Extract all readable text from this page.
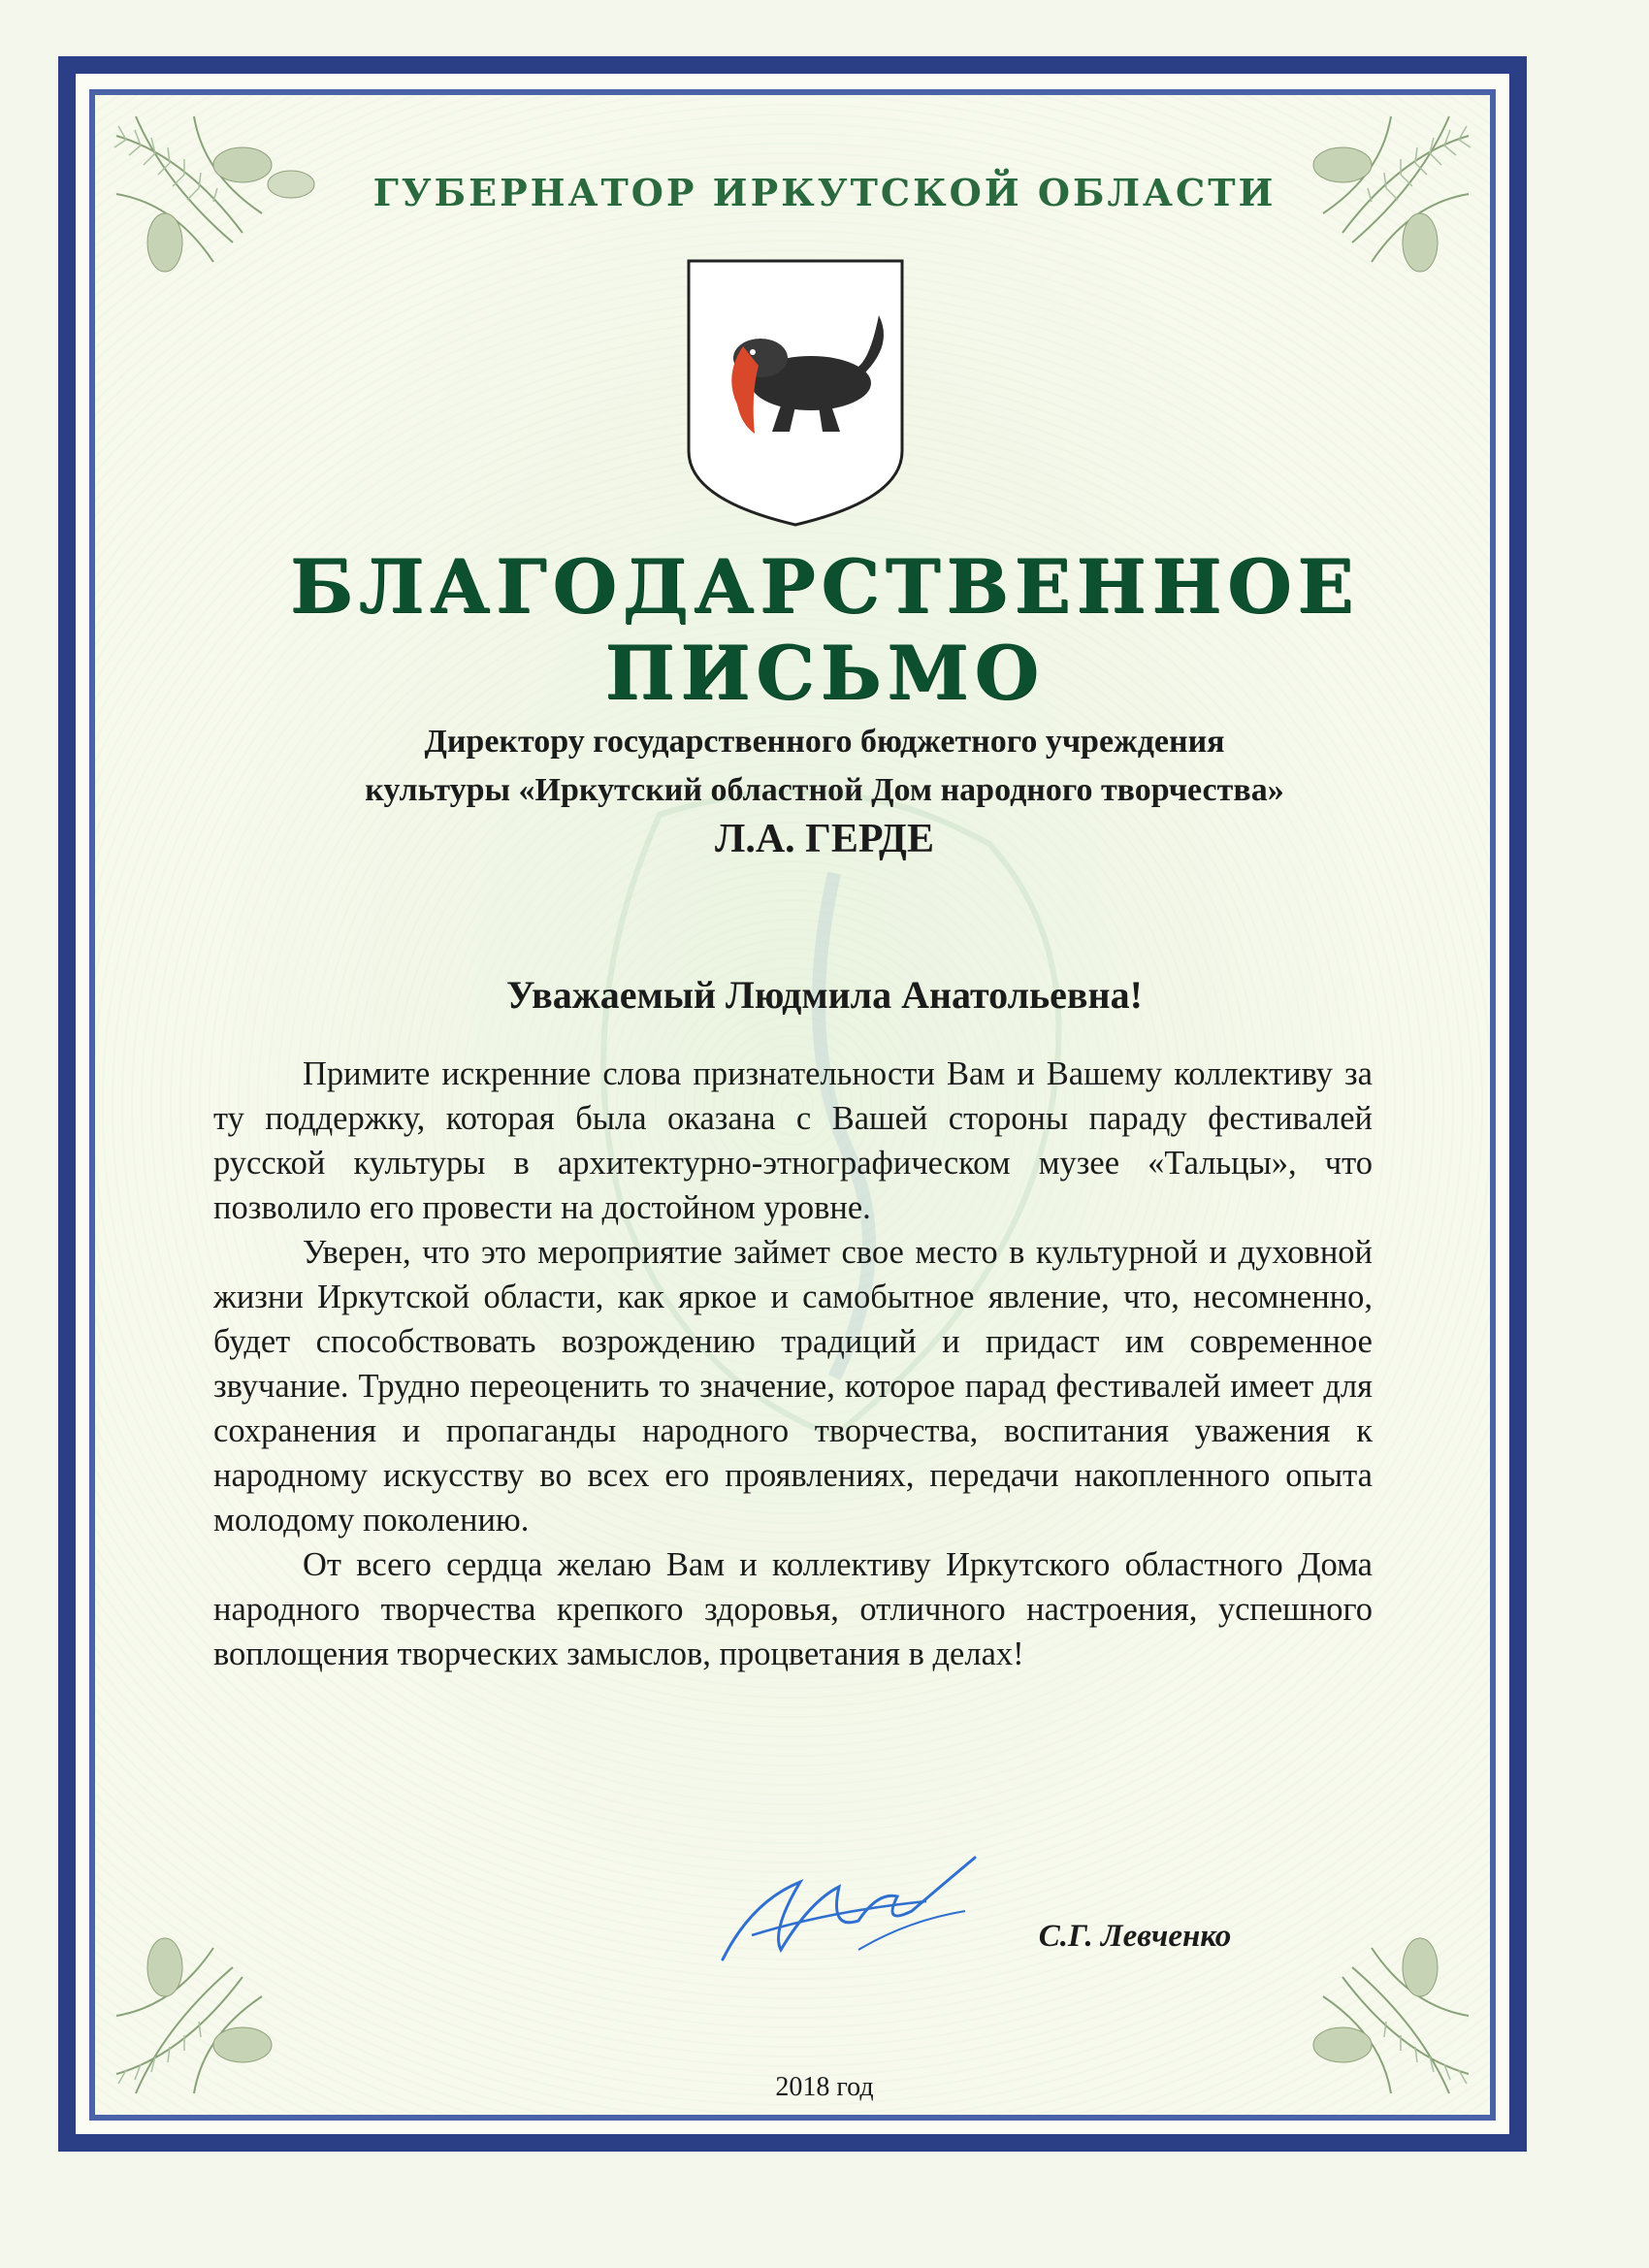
ГУБЕРНАТОР ИРКУТСКОЙ ОБЛАСТИ
БЛАГОДАРСТВЕННОЕ ПИСЬМО
Директору государственного бюджетного учреждения
культуры «Иркутский областной Дом народного творчества»
Л.А. ГЕРДЕ
Уважаемый Людмила Анатольевна!

Примите искренние слова признательности Вам и Вашему коллективу за ту поддержку, которая была оказана с Вашей стороны параду фестивалей русской культуры в архитектурно-этнографическом музее «Тальцы», что позволило его провести на достойном уровне.

Уверен, что это мероприятие займет свое место в культурной и духовной жизни Иркутской области, как яркое и самобытное явление, что, несомненно, будет способствовать возрождению традиций и придаст им современное звучание. Трудно переоценить то значение, которое парад фестивалей имеет для сохранения и пропаганды народного творчества, воспитания уважения к народному искусству во всех его проявлениях, передачи накопленного опыта молодому поколению.

От всего сердца желаю Вам и коллективу Иркутского областного Дома народного творчества крепкого здоровья, отличного настроения, успешного воплощения творческих замыслов, процветания в делах!

С.Г. Левченко
2018 год
